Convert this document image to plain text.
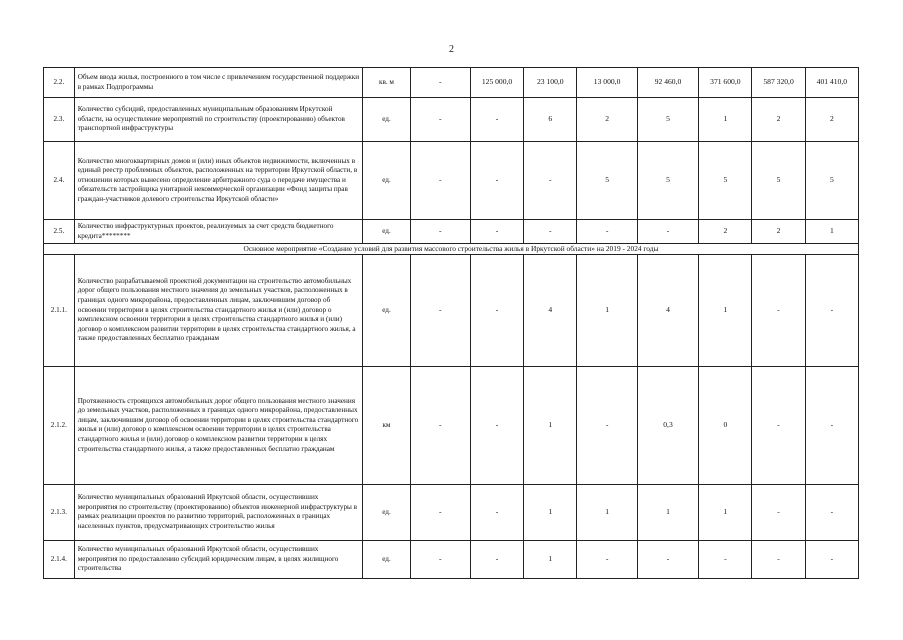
2
2.2.	Объем ввода жилья, построенного в том числе с привлечением государственной поддержки в рамках Подпрограммы	кв. м	-	125 000,0	23 100,0	13 000,0	92 460,0	371 600,0	587 320,0	401 410,0
2.3.	Количество субсидий, предоставленных муниципальным образованиям Иркутской области, на осуществление мероприятий по строительству (проектированию) объектов транспортной инфраструктуры	ед.	-	-	6	2	5	1	2	2
2.4.	Количество многоквартирных домов и (или) иных объектов недвижимости, включенных в единый реестр проблемных объектов, расположенных на территории Иркутской области, в отношении которых вынесено определение арбитражного суда о передаче имущества и обязательств застройщика унитарной некоммерческой организации «Фонд защиты прав граждан-участников долевого строительства Иркутской области»	ед.	-	-	-	5	5	5	5	5
2.5.	Количество инфраструктурных проектов, реализуемых за счет средств бюджетного кредита********	ед.	-	-	-	-	-	2	2	1
Основное мероприятие «Создание условий для развития массового строительства жилья в Иркутской области» на 2019 - 2024 годы										
2.1.1.	Количество разрабатываемой проектной документации на строительство автомобильных дорог общего пользования местного значения до земельных участков, расположенных в границах одного микрорайона, предоставленных лицам, заключившим договор об освоении территории в целях строительства стандартного жилья и (или) договор о комплексном освоении территории в целях строительства стандартного жилья и (или) договор о комплексном развитии территории в целях строительства стандартного жилья, а также предоставленных бесплатно гражданам	ед.	-	-	4	1	4	1	-	-
2.1.2.	Протяженность строящихся автомобильных дорог общего пользования местного значения до земельных участков, расположенных в границах одного микрорайона, предоставленных лицам, заключившим договор об освоении территории в целях строительства стандартного жилья и (или) договор о комплексном освоении территории в целях строительства стандартного жилья и (или) договор о комплексном развитии территории в целях строительства стандартного жилья, а также предоставленных бесплатно гражданам	км	-	-	1	-	0,3	0	-	-
2.1.3.	Количество муниципальных образований Иркутской области, осуществивших мероприятия по строительству (проектированию) объектов инженерной инфраструктуры в рамках реализации проектов по развитию территорий, расположенных в границах населенных пунктов, предусматривающих строительство жилья	ед.	-	-	1	1	1	1	-	-
2.1.4.	Количество муниципальных образований Иркутской области, осуществивших мероприятия по предоставлению субсидий юридическим лицам, в целях жилищного строительства	ед.	-	-	1	-	-	-	-	-
